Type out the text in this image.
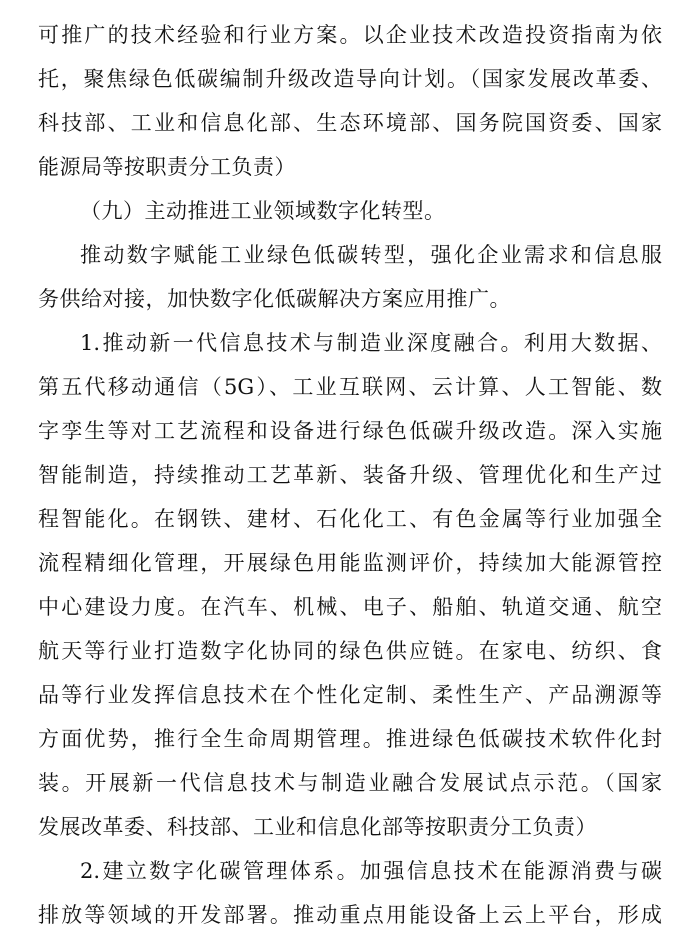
可推广的技术经验和行业方案。以企业技术改造投资指南为依
托，聚焦绿色低碳编制升级改造导向计划。（国家发展改革委、
科技部、工业和信息化部、生态环境部、国务院国资委、国家
能源局等按职责分工负责）
（九）主动推进工业领域数字化转型。
推动数字赋能工业绿色低碳转型，强化企业需求和信息服
务供给对接，加快数字化低碳解决方案应用推广。
1.推动新一代信息技术与制造业深度融合。利用大数据、
第五代移动通信（5G）、工业互联网、云计算、人工智能、数
字孪生等对工艺流程和设备进行绿色低碳升级改造。深入实施
智能制造，持续推动工艺革新、装备升级、管理优化和生产过
程智能化。在钢铁、建材、石化化工、有色金属等行业加强全
流程精细化管理，开展绿色用能监测评价，持续加大能源管控
中心建设力度。在汽车、机械、电子、船舶、轨道交通、航空
航天等行业打造数字化协同的绿色供应链。在家电、纺织、食
品等行业发挥信息技术在个性化定制、柔性生产、产品溯源等
方面优势，推行全生命周期管理。推进绿色低碳技术软件化封
装。开展新一代信息技术与制造业融合发展试点示范。（国家
发展改革委、科技部、工业和信息化部等按职责分工负责）
2.建立数字化碳管理体系。加强信息技术在能源消费与碳
排放等领域的开发部署。推动重点用能设备上云上平台，形成
